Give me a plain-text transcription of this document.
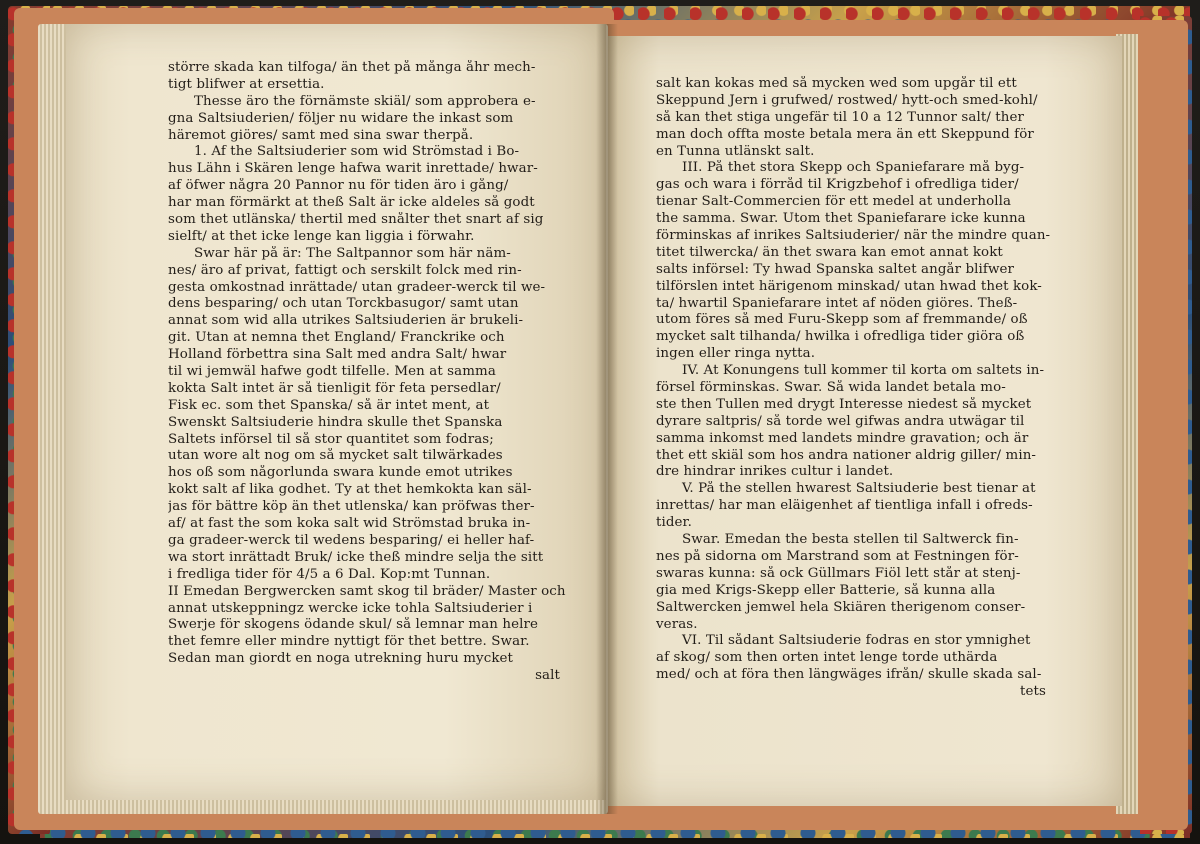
större skada kan tilfoga/ än thet på många åhr mech-
tigt blifwer at ersettia.
Thesse äro the förnämste skiäl/ som approbera e-
gna Saltsiuderien/ följer nu widare the inkast som
häremot giöres/ samt med sina swar therpå.
1. Af the Saltsiuderier som wid Strömstad i Bo-
hus Lähn i Skären lenge hafwa warit inrettade/ hwar-
af öfwer några 20 Pannor nu för tiden äro i gång/
har man förmärkt at theß Salt är icke aldeles så godt
som thet utlänska/ thertil med snålter thet snart af sig
sielft/ at thet icke lenge kan liggia i förwahr.
Swar här på är: The Saltpannor som här näm-
nes/ äro af privat, fattigt och serskilt folck med rin-
gesta omkostnad inrättade/ utan gradeer-werck til we-
dens besparing/ och utan Torckbasugor/ samt utan
annat som wid alla utrikes Saltsiuderien är brukeli-
git. Utan at nemna thet England/ Franckrike och
Holland förbettra sina Salt med andra Salt/ hwar
til wi jemwäl hafwe godt tilfelle. Men at samma
kokta Salt intet är så tienligit för feta persedlar/
Fisk ec. som thet Spanska/ så är intet ment, at
Swenskt Saltsiuderie hindra skulle thet Spanska
Saltets införsel til så stor quantitet som fodras;
utan wore alt nog om så mycket salt tilwärkades
hos oß som någorlunda swara kunde emot utrikes
kokt salt af lika godhet. Ty at thet hemkokta kan säl-
jas för bättre köp än thet utlenska/ kan pröfwas ther-
af/ at fast the som koka salt wid Strömstad bruka in-
ga gradeer-werck til wedens besparing/ ei heller haf-
wa stort inrättadt Bruk/ icke theß mindre selja the sitt
i fredliga tider för 4/5 a 6 Dal. Kop:mt Tunnan.
II Emedan Bergwercken samt skog til bräder/ Master och
annat utskeppningz wercke icke tohla Saltsiuderier i
Swerje för skogens ödande skul/ så lemnar man helre
thet femre eller mindre nyttigt för thet bettre. Swar.
Sedan man giordt en noga utrekning huru mycket
salt
salt kan kokas med så mycken wed som upgår til ett
Skeppund Jern i grufwed/ rostwed/ hytt-och smed-kohl/
så kan thet stiga ungefär til 10 a 12 Tunnor salt/ ther
man doch offta moste betala mera än ett Skeppund för
en Tunna utlänskt salt.
III. På thet stora Skepp och Spaniefarare må byg-
gas och wara i förråd til Krigzbehof i ofredliga tider/
tienar Salt-Commercien för ett medel at underholla
the samma. Swar. Utom thet Spaniefarare icke kunna
förminskas af inrikes Saltsiuderier/ när the mindre quan-
titet tilwercka/ än thet swara kan emot annat kokt
salts införsel: Ty hwad Spanska saltet angår blifwer
tilförslen intet härigenom minskad/ utan hwad thet kok-
ta/ hwartil Spaniefarare intet af nöden giöres. Theß-
utom föres så med Furu-Skepp som af fremmande/ oß
mycket salt tilhanda/ hwilka i ofredliga tider giöra oß
ingen eller ringa nytta.
IV. At Konungens tull kommer til korta om saltets in-
försel förminskas. Swar. Så wida landet betala mo-
ste then Tullen med drygt Interesse niedest så mycket
dyrare saltpris/ så torde wel gifwas andra utwägar til
samma inkomst med landets mindre gravation; och är
thet ett skiäl som hos andra nationer aldrig giller/ min-
dre hindrar inrikes cultur i landet.
V. På the stellen hwarest Saltsiuderie best tienar at
inrettas/ har man eläigenhet af tientliga infall i ofreds-
tider.
Swar. Emedan the besta stellen til Saltwerck fin-
nes på sidorna om Marstrand som at Festningen för-
swaras kunna: så ock Güllmars Fiöl lett står at stenj-
gia med Krigs-Skepp eller Batterie, så kunna alla
Saltwercken jemwel hela Skiären therigenom conser-
veras.
VI. Til sådant Saltsiuderie fodras en stor ymnighet
af skog/ som then orten intet lenge torde uthärda
med/ och at föra then längwäges ifrån/ skulle skada sal-
tets
